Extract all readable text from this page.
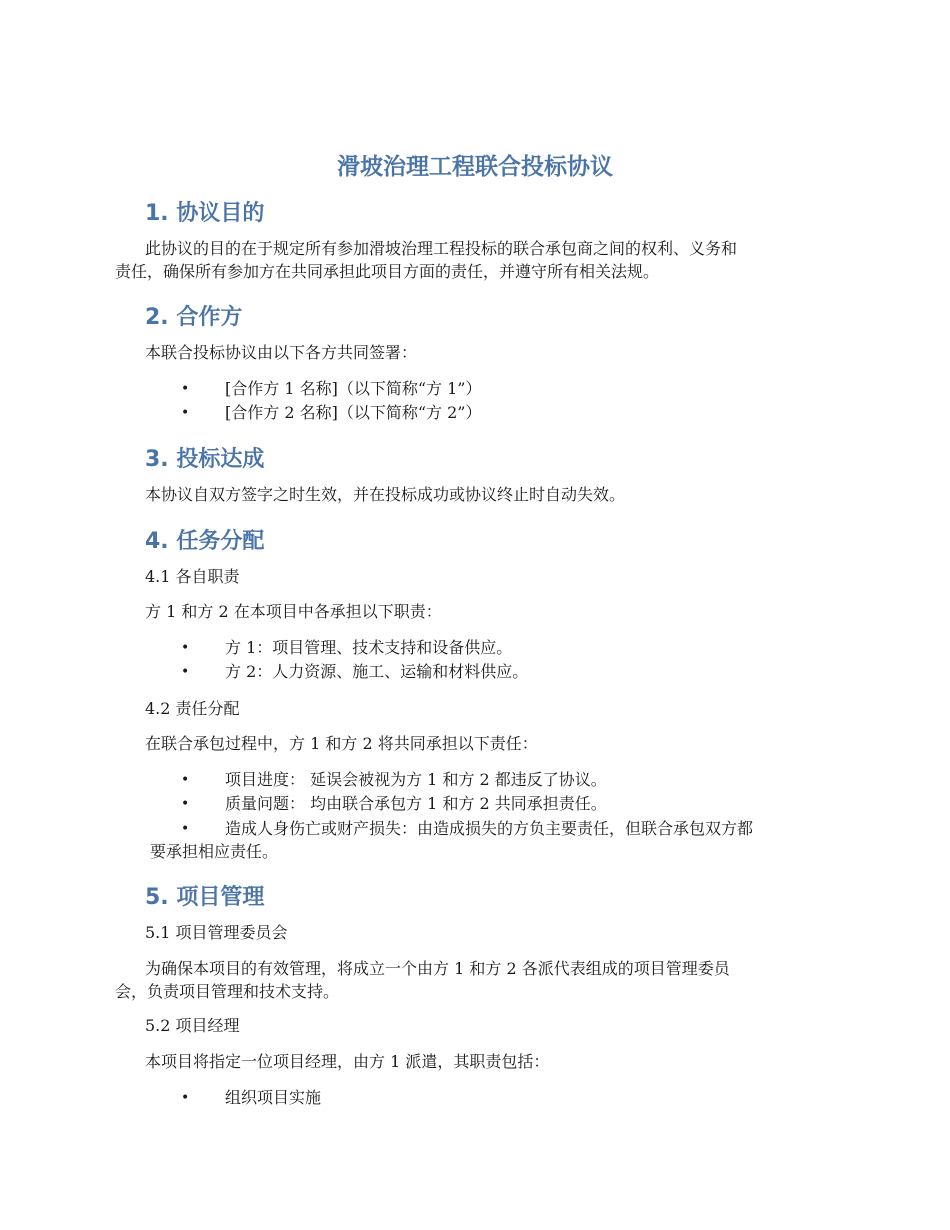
滑坡治理工程联合投标协议
1. 协议目的

此协议的目的在于规定所有参加滑坡治理工程投标的联合承包商之间的权利、义务和

责任，确保所有参加方在共同承担此项目方面的责任，并遵守所有相关法规。

2. 合作方

本联合投标协议由以下各方共同签署：

• [合作方 1 名称]（以下简称“方 1”）

• [合作方 2 名称]（以下简称“方 2”）

3. 投标达成

本协议自双方签字之时生效，并在投标成功或协议终止时自动失效。

4. 任务分配

4.1 各自职责

方 1 和方 2 在本项目中各承担以下职责：

• 方 1：项目管理、技术支持和设备供应。

• 方 2：人力资源、施工、运输和材料供应。

4.2 责任分配

在联合承包过程中，方 1 和方 2 将共同承担以下责任：

• 项目进度： 延误会被视为方 1 和方 2 都违反了协议。

• 质量问题： 均由联合承包方 1 和方 2 共同承担责任。

• 造成人身伤亡或财产损失：由造成损失的方负主要责任，但联合承包双方都

要承担相应责任。

5. 项目管理

5.1 项目管理委员会

为确保本项目的有效管理，将成立一个由方 1 和方 2 各派代表组成的项目管理委员

会，负责项目管理和技术支持。

5.2 项目经理

本项目将指定一位项目经理，由方 1 派遣，其职责包括：

• 组织项目实施
